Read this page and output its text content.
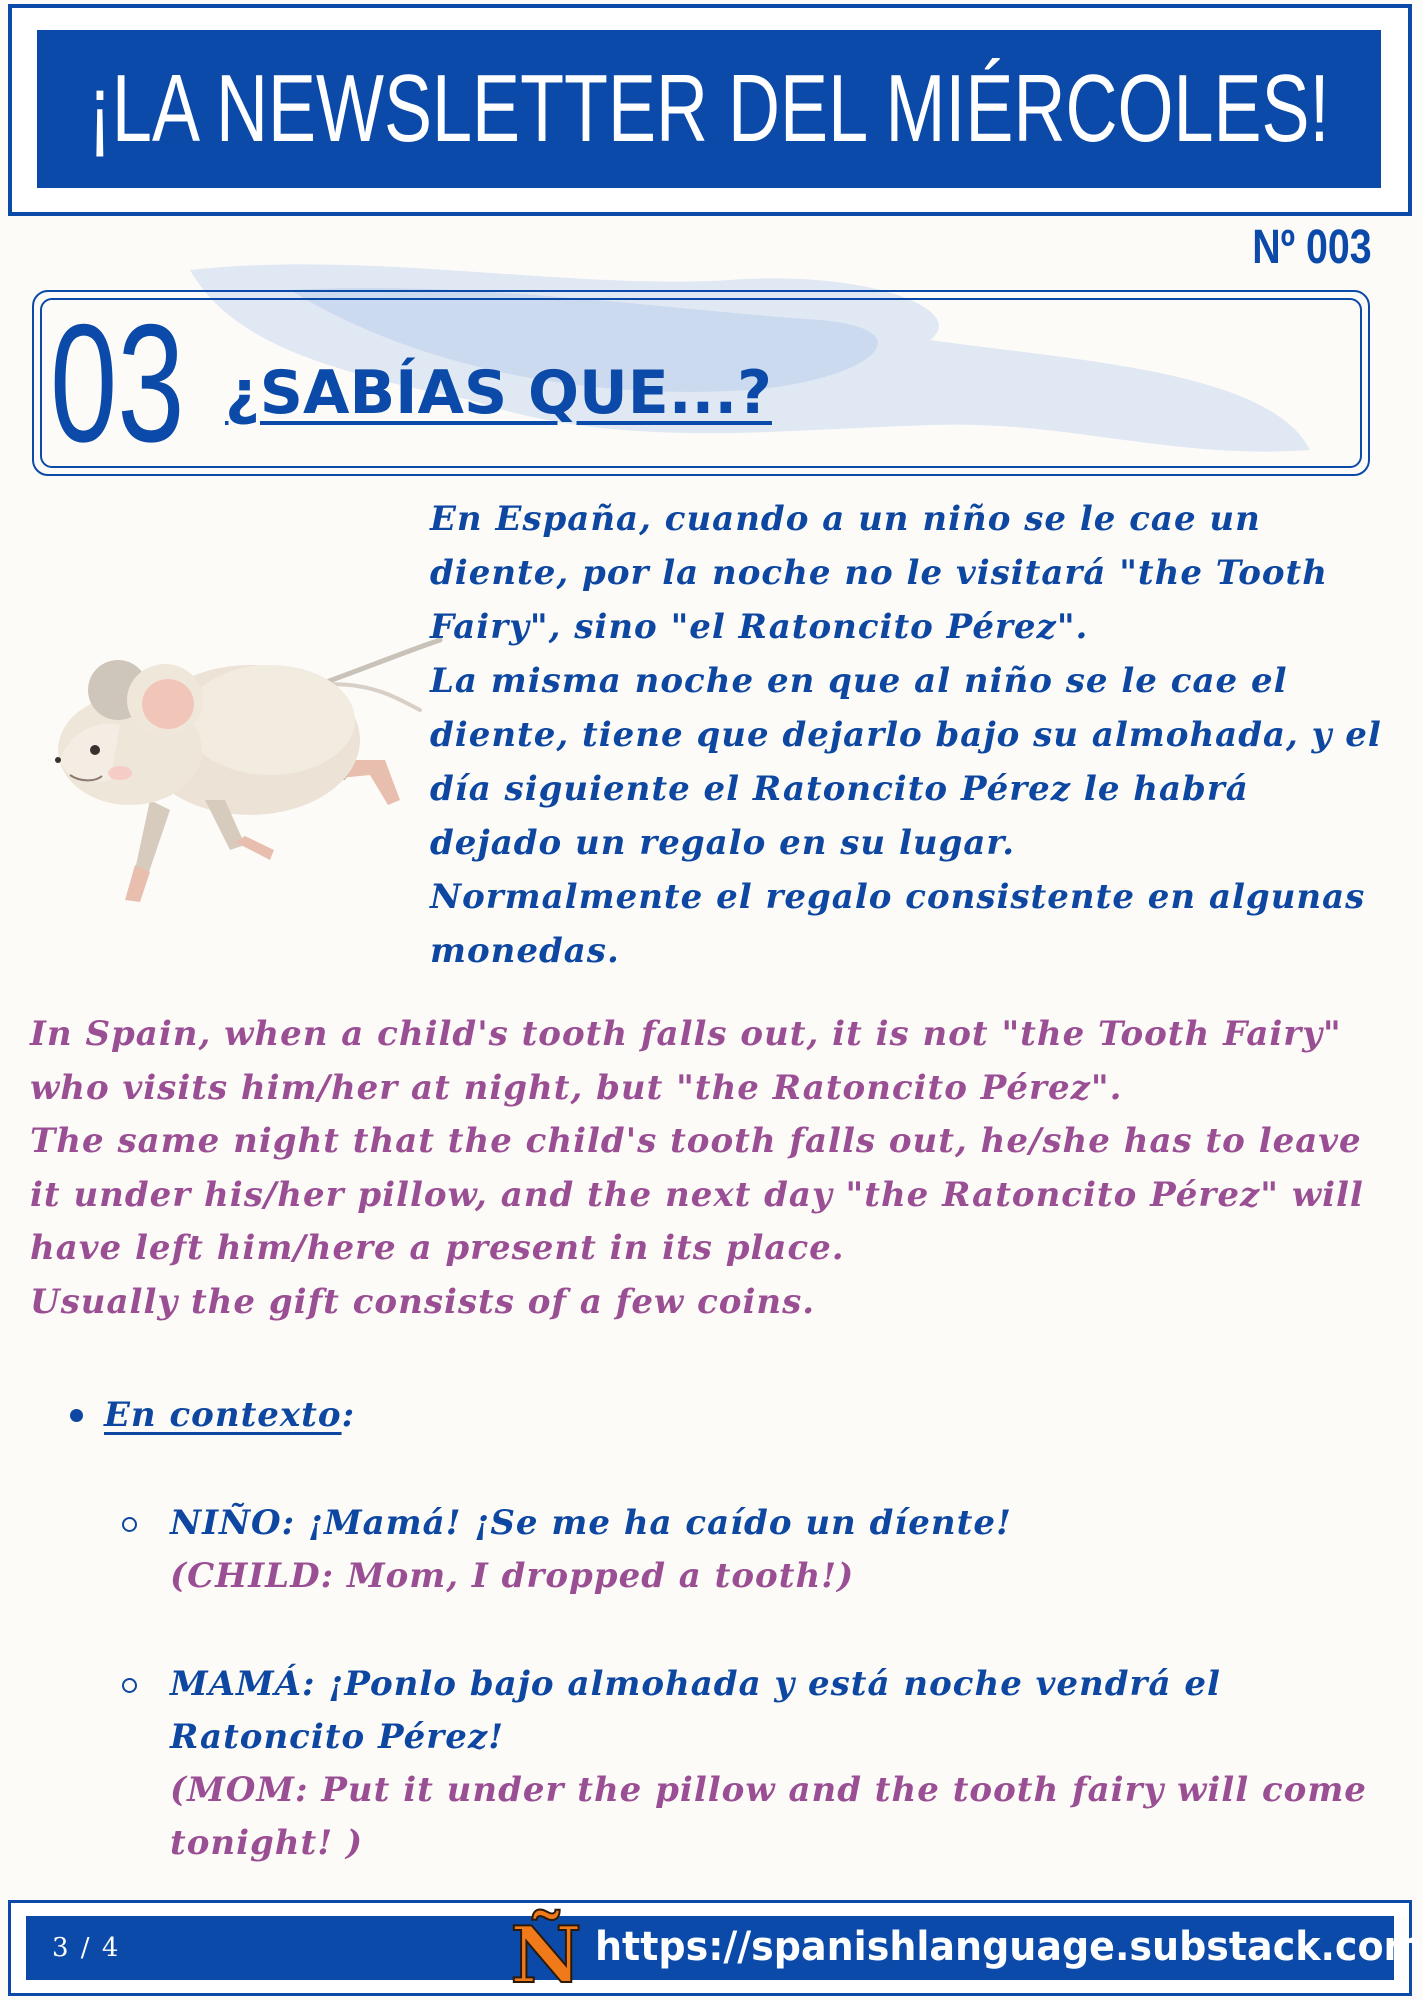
¡LA NEWSLETTER DEL MIÉRCOLES!
Nº 003
03 ¿SABÍAS QUE...?
En España, cuando a un niño se le cae un diente, por la noche no le visitará "the Tooth Fairy", sino "el Ratoncito Pérez".
La misma noche en que al niño se le cae el diente, tiene que dejarlo bajo su almohada, y el día siguiente el Ratoncito Pérez le habrá dejado un regalo en su lugar.
Normalmente el regalo consistente en algunas monedas.
In Spain, when a child's tooth falls out, it is not "the Tooth Fairy" who visits him/her at night, but "the Ratoncito Pérez".
The same night that the child's tooth falls out, he/she has to leave it under his/her pillow, and the next day "the Ratoncito Pérez" will have left him/here a present in its place.
Usually the gift consists of a few coins.
En contexto:
NIÑO: ¡Mamá! ¡Se me ha caído un díente!
(CHILD: Mom, I dropped a tooth!)
MAMÁ: ¡Ponlo bajo almohada y está noche vendrá el Ratoncito Pérez!
(MOM: Put it under the pillow and the tooth fairy will come tonight! )
3 / 4	Ñ https://spanishlanguage.substack.com
